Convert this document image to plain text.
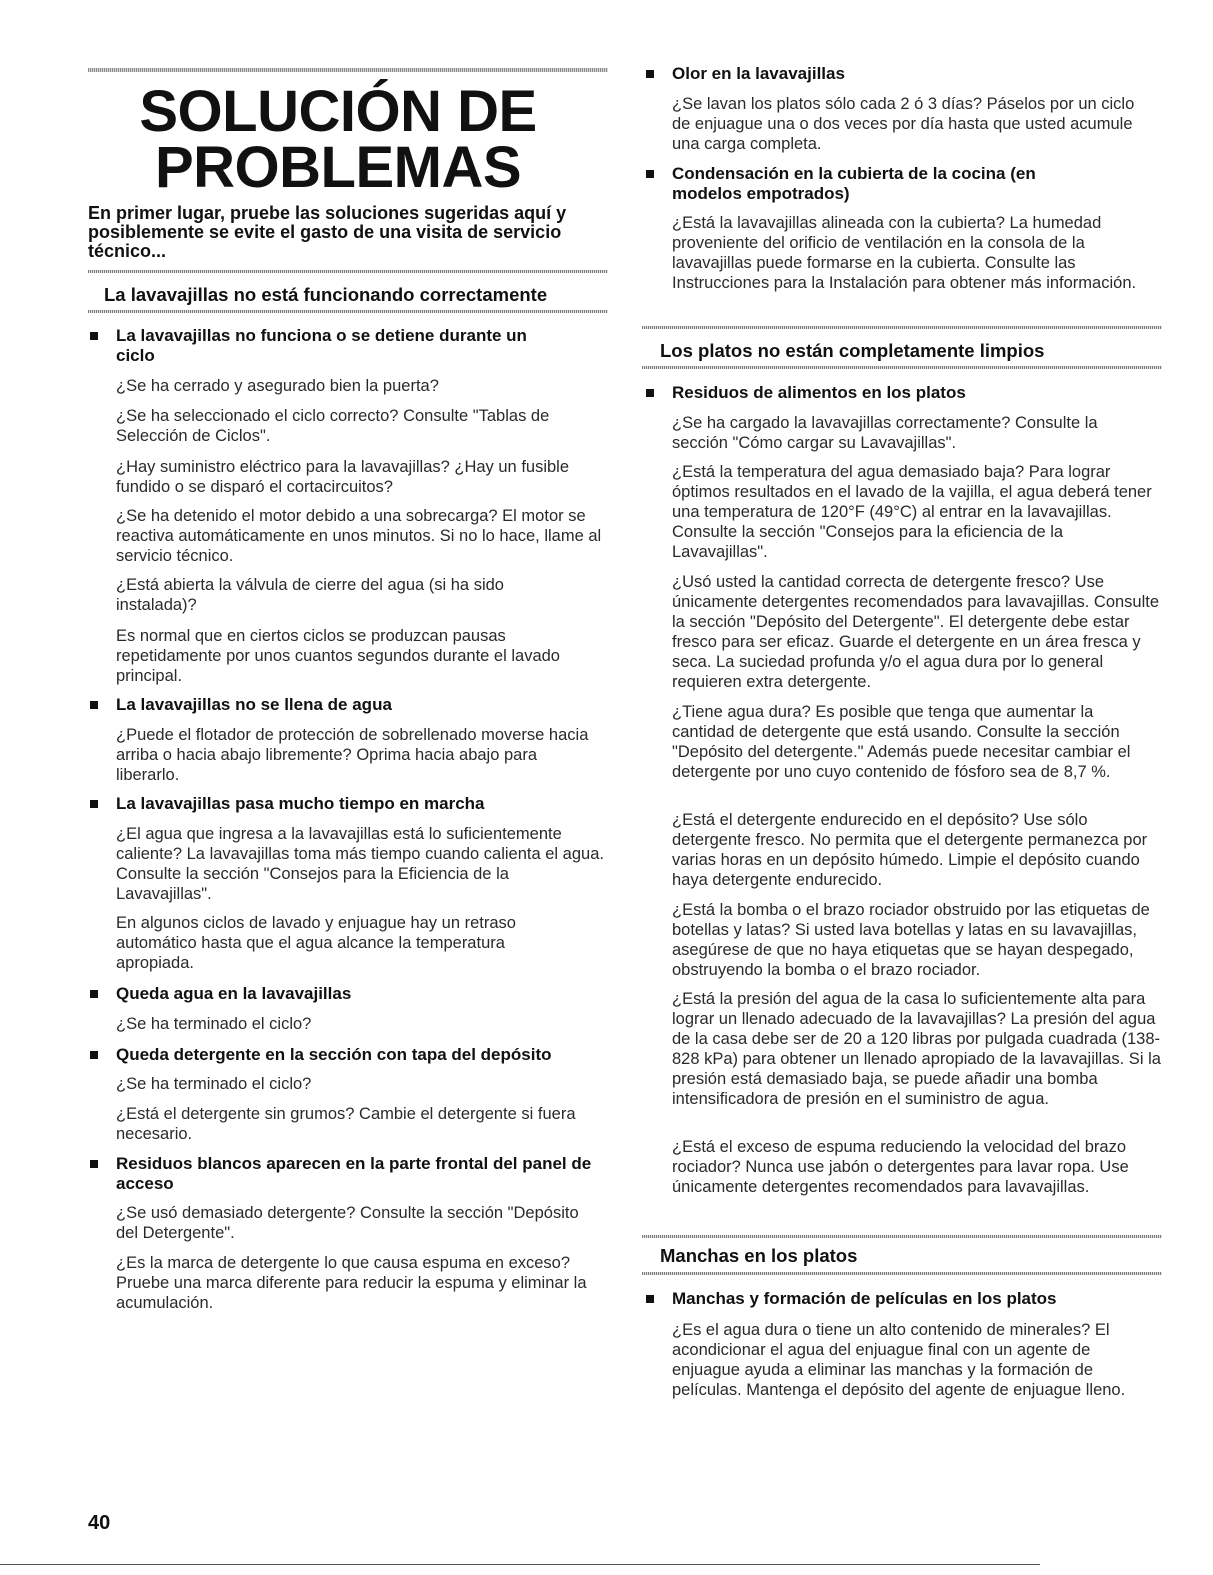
SOLUCIÓN DE
PROBLEMAS
En primer lugar, pruebe las soluciones sugeridas aquí y posiblemente se evite el gasto de una visita de servicio técnico...
La lavavajillas no está funcionando correctamente
La lavavajillas no funciona o se detiene durante un ciclo
¿Se ha cerrado y asegurado bien la puerta?
¿Se ha seleccionado el ciclo correcto? Consulte "Tablas de Selección de Ciclos".
¿Hay suministro eléctrico para la lavavajillas? ¿Hay un fusible fundido o se disparó el cortacircuitos?
¿Se ha detenido el motor debido a una sobrecarga? El motor se reactiva automáticamente en unos minutos. Si no lo hace, llame al servicio técnico.
¿Está abierta la válvula de cierre del agua (si ha sido instalada)?
Es normal que en ciertos ciclos se produzcan pausas repetidamente por unos cuantos segundos durante el lavado principal.
La lavavajillas no se llena de agua
¿Puede el flotador de protección de sobrellenado moverse hacia arriba o hacia abajo libremente? Oprima hacia abajo para liberarlo.
La lavavajillas pasa mucho tiempo en marcha
¿El agua que ingresa a la lavavajillas está lo suficientemente caliente? La lavavajillas toma más tiempo cuando calienta el agua. Consulte la sección "Consejos para la Eficiencia de la Lavavajillas".
En algunos ciclos de lavado y enjuague hay un retraso automático hasta que el agua alcance la temperatura apropiada.
Queda agua en la lavavajillas
¿Se ha terminado el ciclo?
Queda detergente en la sección con tapa del depósito
¿Se ha terminado el ciclo?
¿Está el detergente sin grumos? Cambie el detergente si fuera necesario.
Residuos blancos aparecen en la parte frontal del panel de acceso
¿Se usó demasiado detergente? Consulte la sección "Depósito del Detergente".
¿Es la marca de detergente lo que causa espuma en exceso? Pruebe una marca diferente para reducir la espuma y eliminar la acumulación.
Olor en la lavavajillas
¿Se lavan los platos sólo cada 2 ó 3 días? Páselos por un ciclo de enjuague una o dos veces por día hasta que usted acumule una carga completa.
Condensación en la cubierta de la cocina (en modelos empotrados)
¿Está la lavavajillas alineada con la cubierta? La humedad proveniente del orificio de ventilación en la consola de la lavavajillas puede formarse en la cubierta. Consulte las Instrucciones para la Instalación para obtener más información.
Los platos no están completamente limpios
Residuos de alimentos en los platos
¿Se ha cargado la lavavajillas correctamente? Consulte la sección "Cómo cargar su Lavavajillas".
¿Está la temperatura del agua demasiado baja? Para lograr óptimos resultados en el lavado de la vajilla, el agua deberá tener una temperatura de 120°F (49°C) al entrar en la lavavajillas. Consulte la sección "Consejos para la eficiencia de la Lavavajillas".
¿Usó usted la cantidad correcta de detergente fresco? Use únicamente detergentes recomendados para lavavajillas. Consulte la sección "Depósito del Detergente". El detergente debe estar fresco para ser eficaz. Guarde el detergente en un área fresca y seca. La suciedad profunda y/o el agua dura por lo general requieren extra detergente.
¿Tiene agua dura? Es posible que tenga que aumentar la cantidad de detergente que está usando. Consulte la sección "Depósito del detergente." Además puede necesitar cambiar el detergente por uno cuyo contenido de fósforo sea de 8,7 %.
¿Está el detergente endurecido en el depósito? Use sólo detergente fresco. No permita que el detergente permanezca por varias horas en un depósito húmedo. Limpie el depósito cuando haya detergente endurecido.
¿Está la bomba o el brazo rociador obstruido por las etiquetas de botellas y latas? Si usted lava botellas y latas en su lavavajillas, asegúrese de que no haya etiquetas que se hayan despegado, obstruyendo la bomba o el brazo rociador.
¿Está la presión del agua de la casa lo suficientemente alta para lograr un llenado adecuado de la lavavajillas? La presión del agua de la casa debe ser de 20 a 120 libras por pulgada cuadrada (138-828 kPa) para obtener un llenado apropiado de la lavavajillas. Si la presión está demasiado baja, se puede añadir una bomba intensificadora de presión en el suministro de agua.
¿Está el exceso de espuma reduciendo la velocidad del brazo rociador? Nunca use jabón o detergentes para lavar ropa. Use únicamente detergentes recomendados para lavavajillas.
Manchas en los platos
Manchas y formación de películas en los platos
¿Es el agua dura o tiene un alto contenido de minerales? El acondicionar el agua del enjuague final con un agente de enjuague ayuda a eliminar las manchas y la formación de películas. Mantenga el depósito del agente de enjuague lleno.
40
